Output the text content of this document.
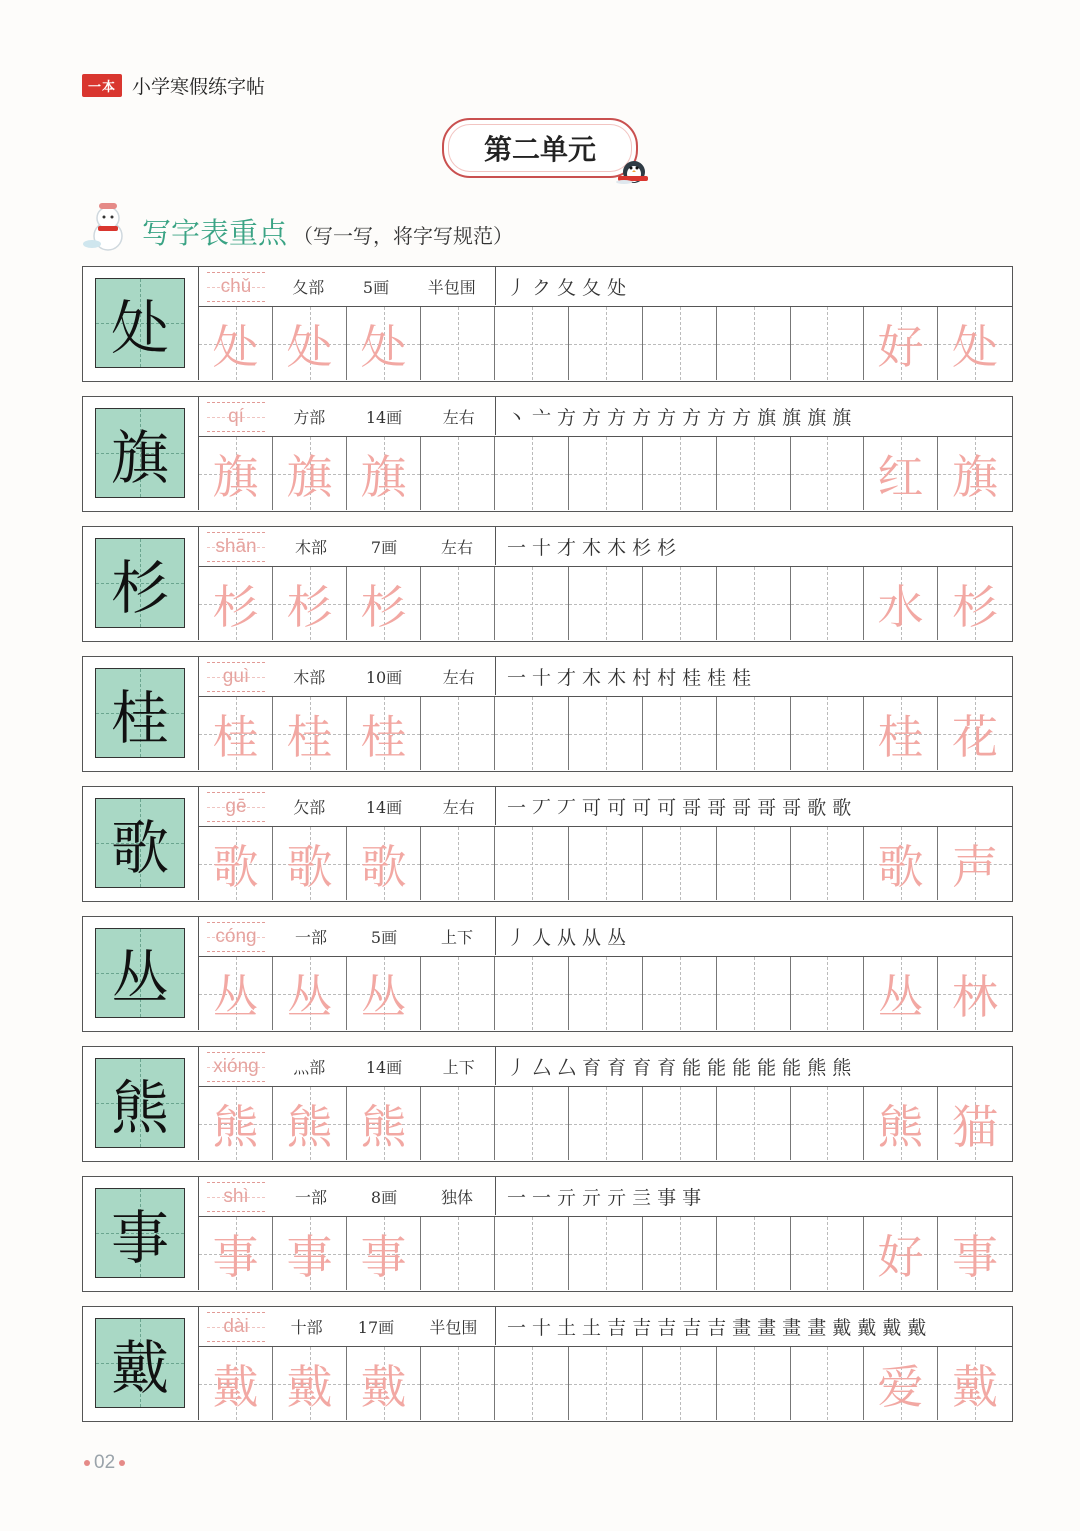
一本 小学寒假练字帖
第二单元
写字表重点 （写一写，将字写规范）
处
chǔ	夂部 5画 半包围 丿 ク 夂 夂 处
处 处 处	好 处
旗
qí	方部	14画	左右 丶 亠 方 方 方 方 方 方 方 方 旗 旗 旗 旗
旗 旗 旗	红 旗
杉
shān	木部	7画	左右 一 十 才 木 木 杉 杉
杉 杉 杉	水 杉
桂
guì	木部	10画	左右 一 十 才 木 木 村 村 桂 桂 桂
桂 桂 桂	桂 花
歌
gē	欠部	14画	左右 一 丆 丆 可 可 可 可 哥 哥 哥 哥 哥 歌 歌
歌 歌 歌	歌 声
丛
cóng	一部	5画	上下 丿 人 从 从 丛
丛 丛 丛	丛 林
熊
xióng	灬部	14画	上下 丿 厶 厶 育 育 育 育 能 能 能 能 能 熊 熊
熊 熊 熊	熊 猫
事
shì	一部	8画	独体 一 一 亓 亓 亓 亖 事 事
事 事 事	好 事
戴
dài	十部 17画 半包围 一 十 土 土 吉 吉 吉 吉 吉 畫 畫 畫 畫 戴 戴 戴 戴
戴 戴 戴	爱 戴
02
